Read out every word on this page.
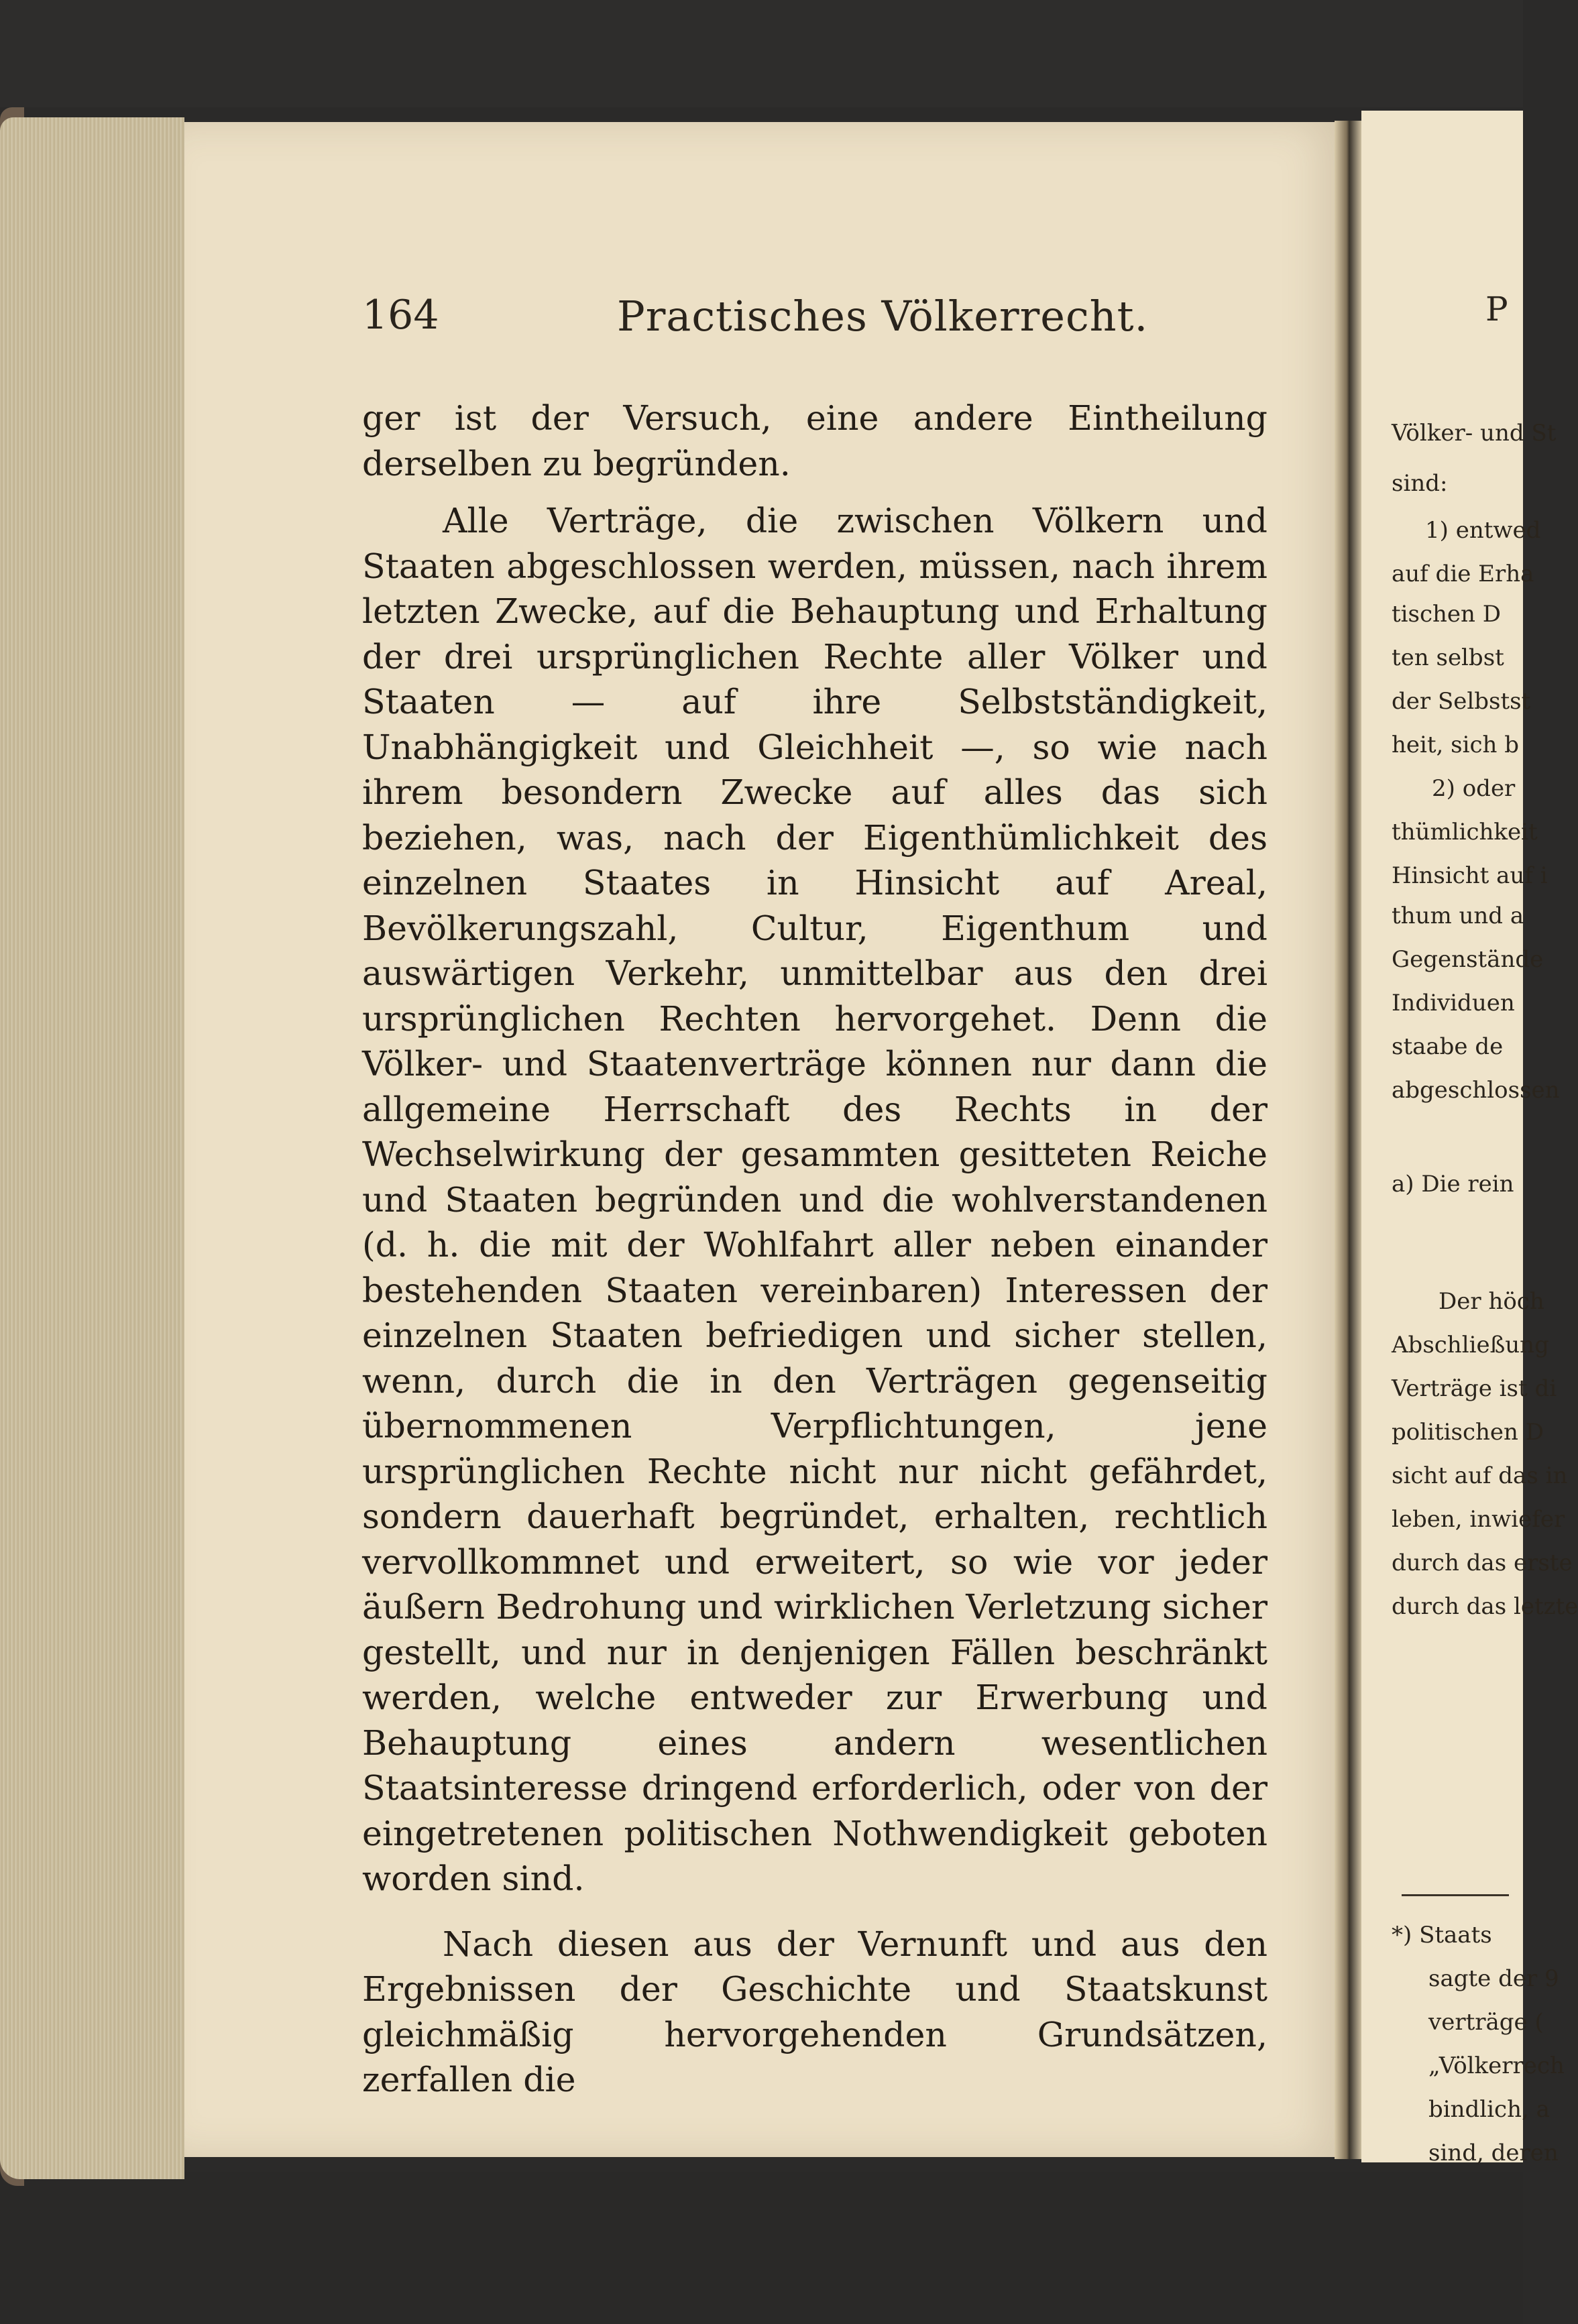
164	Practisches Völkerrecht.

ger ist der Versuch, eine andere Eintheilung derselben zu begründen.

Alle Verträge, die zwischen Völkern und Staaten abgeschlossen werden, müssen, nach ihrem letzten Zwecke, auf die Behauptung und Erhaltung der drei ursprünglichen Rechte aller Völker und Staaten — auf ihre Selbstständigkeit, Unabhängigkeit und Gleichheit —, so wie nach ihrem besondern Zwecke auf alles das sich beziehen, was, nach der Eigenthümlichkeit des einzelnen Staates in Hinsicht auf Areal, Bevölkerungszahl, Cultur, Eigenthum und auswärtigen Verkehr, unmittelbar aus den drei ursprünglichen Rechten hervorgehet. Denn die Völker- und Staatenverträge können nur dann die allgemeine Herrschaft des Rechts in der Wechselwirkung der gesammten gesitteten Reiche und Staaten begründen und die wohlverstandenen (d. h. die mit der Wohlfahrt aller neben einander bestehenden Staaten vereinbaren) Interessen der einzelnen Staaten befriedigen und sicher stellen, wenn, durch die in den Verträgen gegenseitig übernommenen Verpflichtungen, jene ursprünglichen Rechte nicht nur nicht gefährdet, sondern dauerhaft begründet, erhalten, rechtlich vervollkommnet und erweitert, so wie vor jeder äußern Bedrohung und wirklichen Verletzung sicher gestellt, und nur in denjenigen Fällen beschränkt werden, welche entweder zur Erwerbung und Behauptung eines andern wesentlichen Staatsinteresse dringend erforderlich, oder von der eingetretenen politischen Nothwendigkeit geboten worden sind.

Nach diesen aus der Vernunft und aus den Ergebnissen der Geschichte und Staatskunst gleichmäßig hervorgehenden Grundsätzen, zerfallen die

P

Völker- und St

sind:

1) entwed

auf die Erha

tischen D

ten selbst

der Selbstst

heit, sich b

2) oder

thümlichkeit

Hinsicht auf i

thum und a

Gegenstände

Individuen

staabe de

abgeschlossen

a) Die rein

Der höch

Abschließung

Verträge ist di

politischen D

sicht auf das in

leben, inwiefer

durch das erste

durch das letzte

*) Staats

sagte der 9

verträge (

„Völkerrech

bindlich, a

sind, deren
